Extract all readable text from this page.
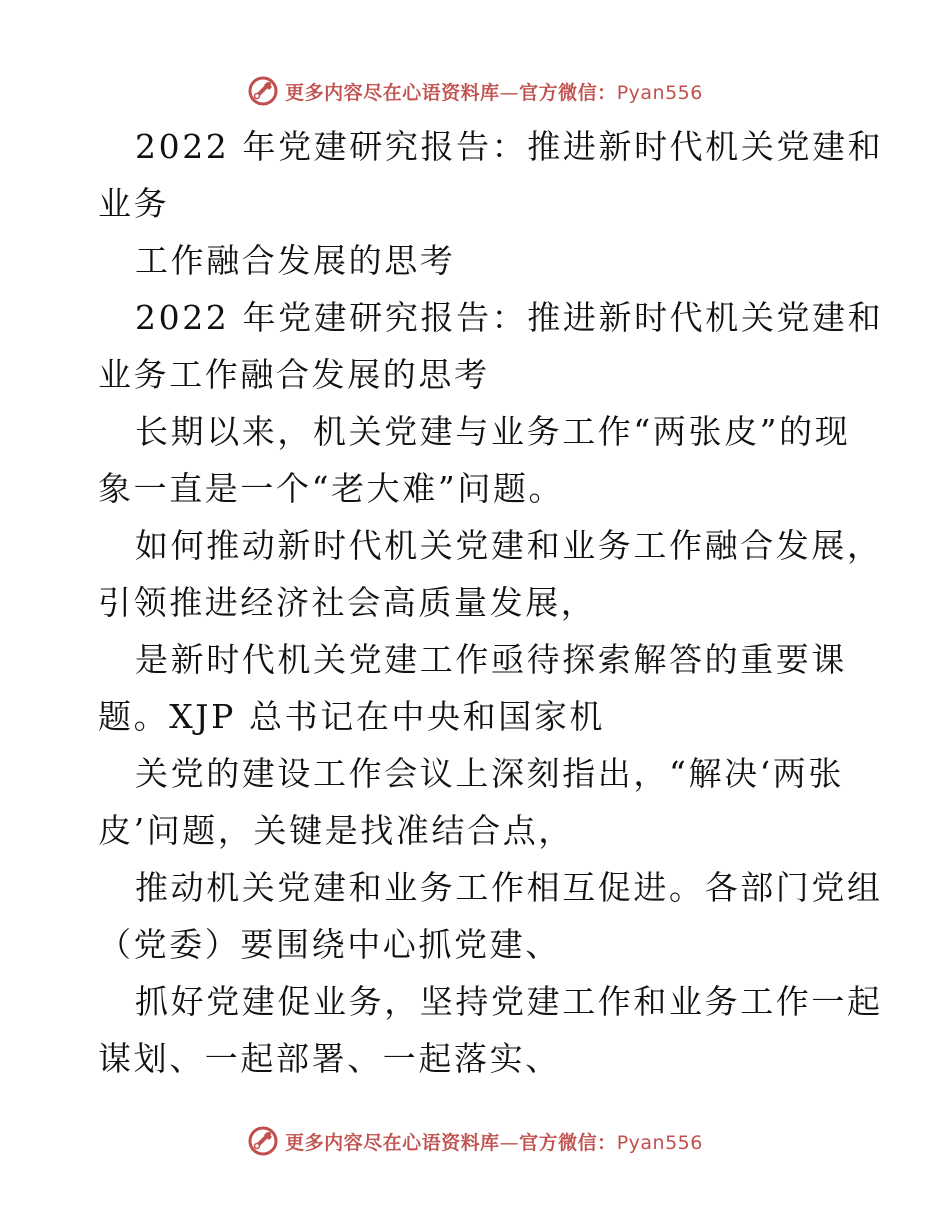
更多内容尽在心语资料库—官方微信：Pyan556

2022 年党建研究报告：推进新时代机关党建和
业务

工作融合发展的思考

2022 年党建研究报告：推进新时代机关党建和
业务工作融合发展的思考

长期以来，机关党建与业务工作“两张皮”的现
象一直是一个“老大难”问题。

如何推动新时代机关党建和业务工作融合发展，
引领推进经济社会高质量发展，

是新时代机关党建工作亟待探索解答的重要课
题。XJP 总书记在中央和国家机

关党的建设工作会议上深刻指出，“解决‘两张
皮’问题，关键是找准结合点，

推动机关党建和业务工作相互促进。各部门党组
（党委）要围绕中心抓党建、

抓好党建促业务，坚持党建工作和业务工作一起
谋划、一起部署、一起落实、

更多内容尽在心语资料库—官方微信：Pyan556
